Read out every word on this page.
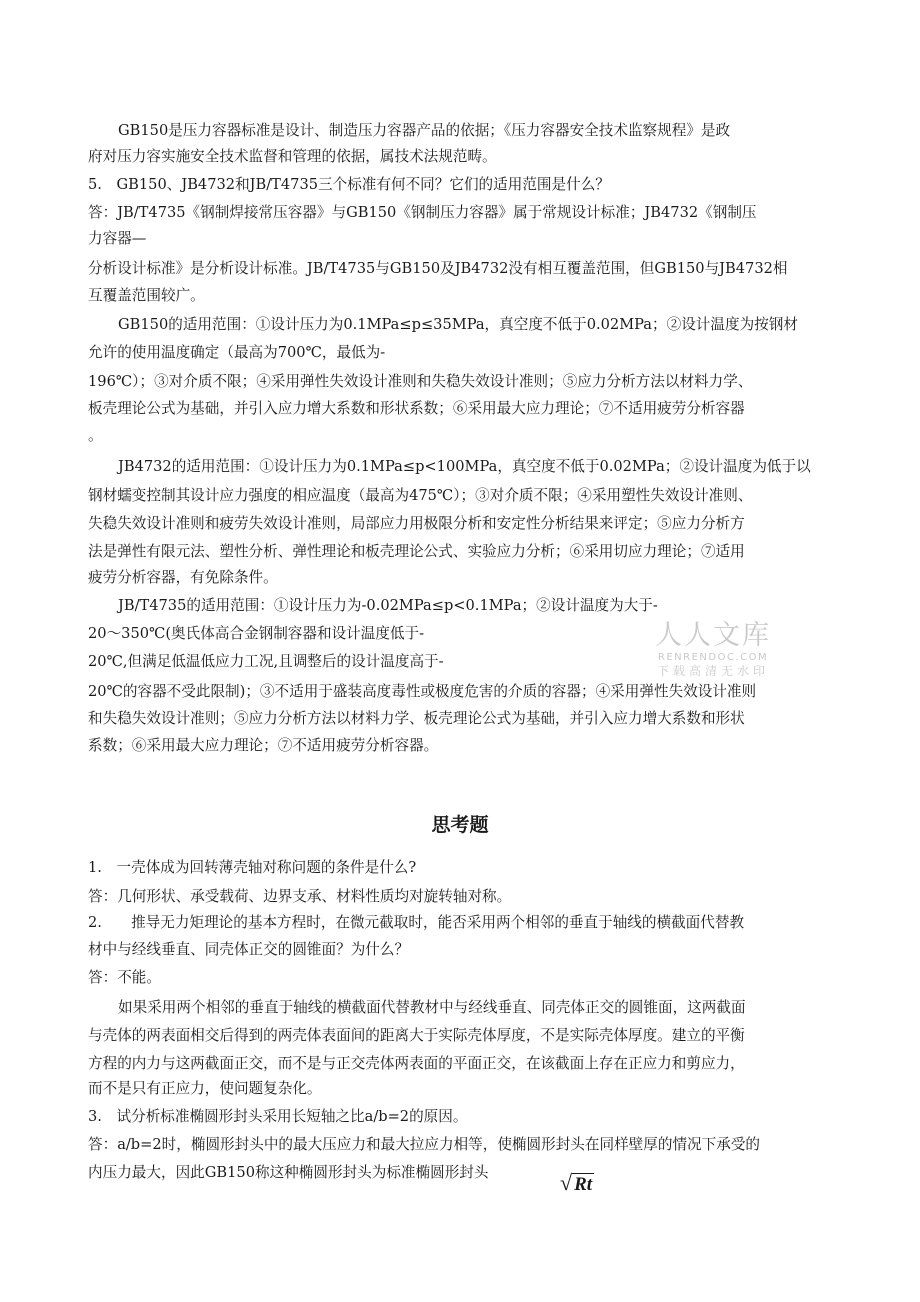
GB150是压力容器标准是设计、制造压力容器产品的依据；《压力容器安全技术监察规程》是政

府对压力容实施安全技术监督和管理的依据，属技术法规范畴。

5.　GB150、JB4732和JB/T4735三个标准有何不同？它们的适用范围是什么？

答：JB/T4735《钢制焊接常压容器》与GB150《钢制压力容器》属于常规设计标准；JB4732《钢制压

力容器—

分析设计标准》是分析设计标准。JB/T4735与GB150及JB4732没有相互覆盖范围，但GB150与JB4732相

互覆盖范围较广。

GB150的适用范围：①设计压力为0.1MPa≤p≤35MPa，真空度不低于0.02MPa；②设计温度为按钢材

允许的使用温度确定（最高为700℃，最低为-

196℃）；③对介质不限；④采用弹性失效设计准则和失稳失效设计准则；⑤应力分析方法以材料力学、

板壳理论公式为基础，并引入应力增大系数和形状系数；⑥采用最大应力理论；⑦不适用疲劳分析容器

。

JB4732的适用范围：①设计压力为0.1MPa≤p<100MPa，真空度不低于0.02MPa；②设计温度为低于以

钢材蠕变控制其设计应力强度的相应温度（最高为475℃）；③对介质不限；④采用塑性失效设计准则、

失稳失效设计准则和疲劳失效设计准则，局部应力用极限分析和安定性分析结果来评定；⑤应力分析方

法是弹性有限元法、塑性分析、弹性理论和板壳理论公式、实验应力分析；⑥采用切应力理论；⑦适用

疲劳分析容器，有免除条件。

JB/T4735的适用范围：①设计压力为-0.02MPa≤p<0.1MPa；②设计温度为大于-

20～350℃(奥氏体高合金钢制容器和设计温度低于-

20℃,但满足低温低应力工况,且调整后的设计温度高于-

20℃的容器不受此限制)；③不适用于盛装高度毒性或极度危害的介质的容器；④采用弹性失效设计准则

和失稳失效设计准则；⑤应力分析方法以材料力学、板壳理论公式为基础，并引入应力增大系数和形状

系数；⑥采用最大应力理论；⑦不适用疲劳分析容器。

思考题

1.　一壳体成为回转薄壳轴对称问题的条件是什么?

答：几何形状、承受载荷、边界支承、材料性质均对旋转轴对称。

2.　　推导无力矩理论的基本方程时，在微元截取时，能否采用两个相邻的垂直于轴线的横截面代替教

材中与经线垂直、同壳体正交的圆锥面？为什么？

答：不能。

如果采用两个相邻的垂直于轴线的横截面代替教材中与经线垂直、同壳体正交的圆锥面，这两截面

与壳体的两表面相交后得到的两壳体表面间的距离大于实际壳体厚度，不是实际壳体厚度。建立的平衡

方程的内力与这两截面正交，而不是与正交壳体两表面的平面正交，在该截面上存在正应力和剪应力，

而不是只有正应力，使问题复杂化。

3.　试分析标准椭圆形封头采用长短轴之比a/b=2的原因。

答：a/b=2时，椭圆形封头中的最大压应力和最大拉应力相等，使椭圆形封头在同样壁厚的情况下承受的

内压力最大，因此GB150称这种椭圆形封头为标准椭圆形封头	√ Rt
人人文库
RENRENDOC.COM
下载高清无水印
